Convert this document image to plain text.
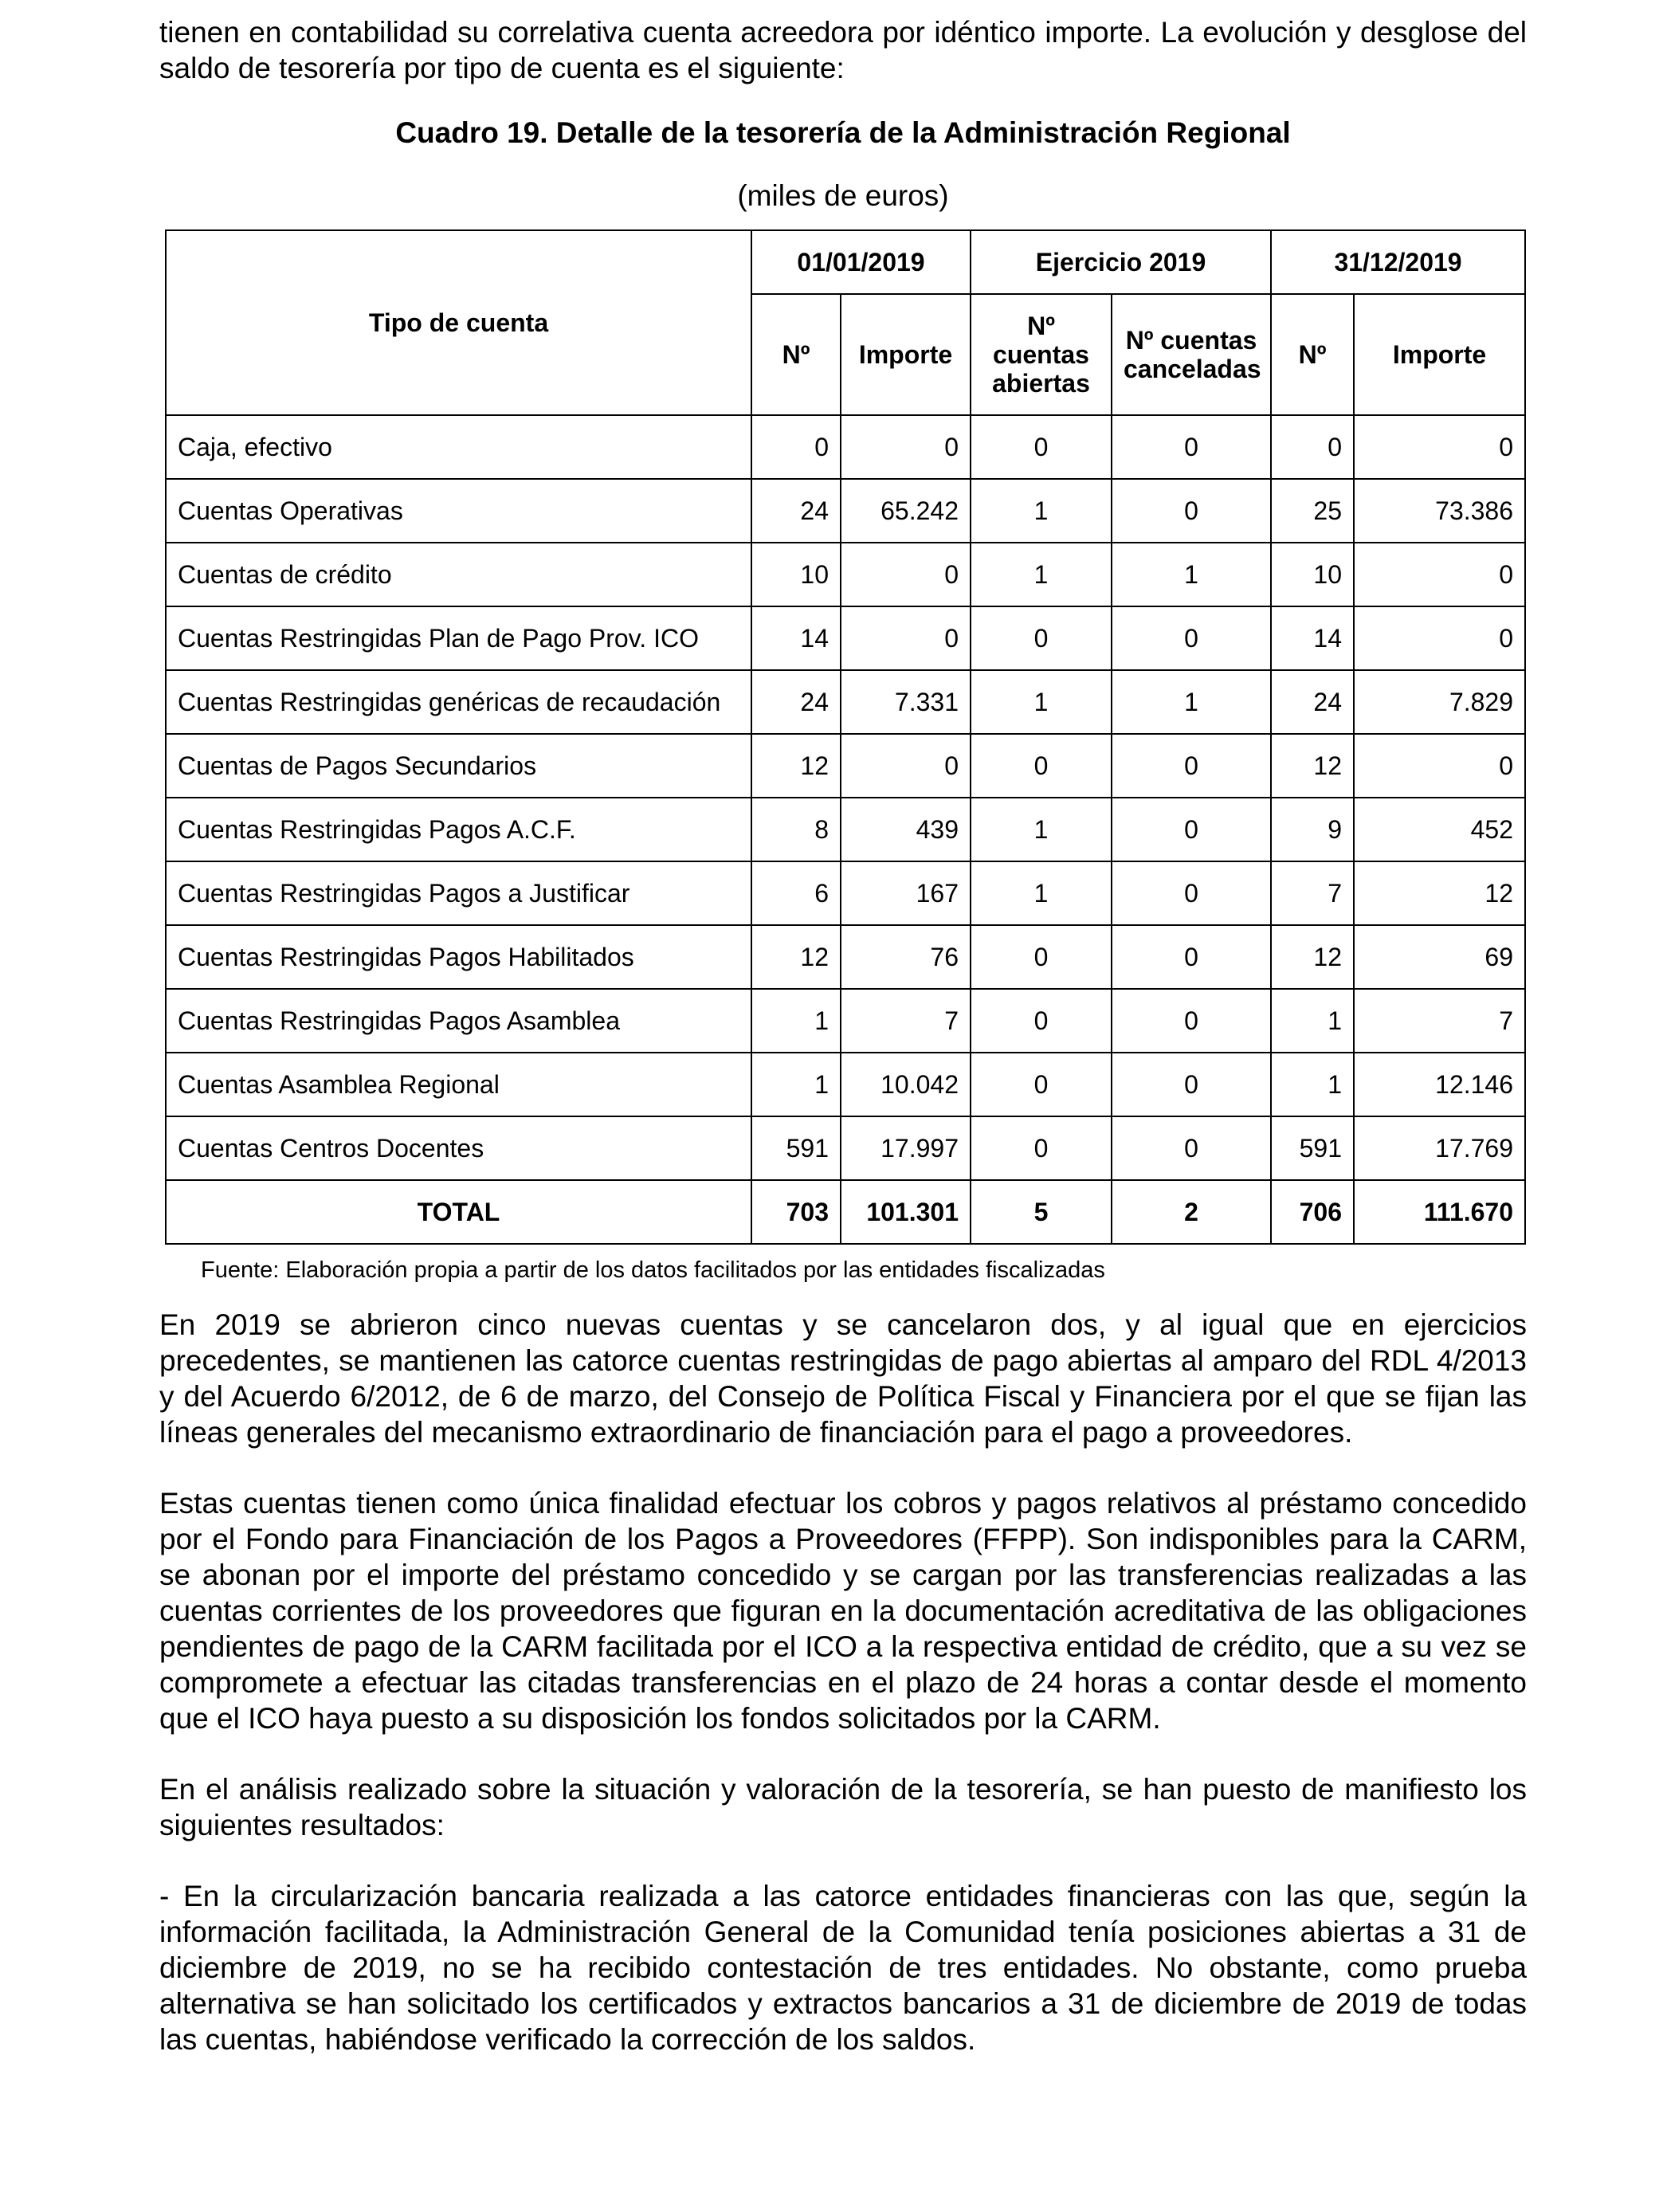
tienen en contabilidad su correlativa cuenta acreedora por idéntico importe. La evolución y desglose del saldo de tesorería por tipo de cuenta es el siguiente:

Cuadro 19. Detalle de la tesorería de la Administración Regional
(miles de euros)
Tipo de cuenta	01/01/2019		Ejercicio 2019		31/12/2019	
	Nº	Importe	Nº cuentas abiertas	Nº cuentas canceladas	Nº	Importe
Caja, efectivo	0	0	0	0	0	0
Cuentas Operativas	24	65.242	1	0	25	73.386
Cuentas de crédito	10	0	1	1	10	0
Cuentas Restringidas Plan de Pago Prov. ICO	14	0	0	0	14	0
Cuentas Restringidas genéricas de recaudación	24	7.331	1	1	24	7.829
Cuentas de Pagos Secundarios	12	0	0	0	12	0
Cuentas Restringidas Pagos A.C.F.	8	439	1	0	9	452
Cuentas Restringidas Pagos a Justificar	6	167	1	0	7	12
Cuentas Restringidas Pagos Habilitados	12	76	0	0	12	69
Cuentas Restringidas Pagos Asamblea	1	7	0	0	1	7
Cuentas Asamblea Regional	1	10.042	0	0	1	12.146
Cuentas Centros Docentes	591	17.997	0	0	591	17.769
TOTAL	703	101.301	5	2	706	111.670
Fuente: Elaboración propia a partir de los datos facilitados por las entidades fiscalizadas

En 2019 se abrieron cinco nuevas cuentas y se cancelaron dos, y al igual que en ejercicios precedentes, se mantienen las catorce cuentas restringidas de pago abiertas al amparo del RDL 4/2013 y del Acuerdo 6/2012, de 6 de marzo, del Consejo de Política Fiscal y Financiera por el que se fijan las líneas generales del mecanismo extraordinario de financiación para el pago a proveedores.

Estas cuentas tienen como única finalidad efectuar los cobros y pagos relativos al préstamo concedido por el Fondo para Financiación de los Pagos a Proveedores (FFPP). Son indisponibles para la CARM, se abonan por el importe del préstamo concedido y se cargan por las transferencias realizadas a las cuentas corrientes de los proveedores que figuran en la documentación acreditativa de las obligaciones pendientes de pago de la CARM facilitada por el ICO a la respectiva entidad de crédito, que a su vez se compromete a efectuar las citadas transferencias en el plazo de 24 horas a contar desde el momento que el ICO haya puesto a su disposición los fondos solicitados por la CARM.

En el análisis realizado sobre la situación y valoración de la tesorería, se han puesto de manifiesto los siguientes resultados:

- En la circularización bancaria realizada a las catorce entidades financieras con las que, según la información facilitada, la Administración General de la Comunidad tenía posiciones abiertas a 31 de diciembre de 2019, no se ha recibido contestación de tres entidades. No obstante, como prueba alternativa se han solicitado los certificados y extractos bancarios a 31 de diciembre de 2019 de todas las cuentas, habiéndose verificado la corrección de los saldos.
